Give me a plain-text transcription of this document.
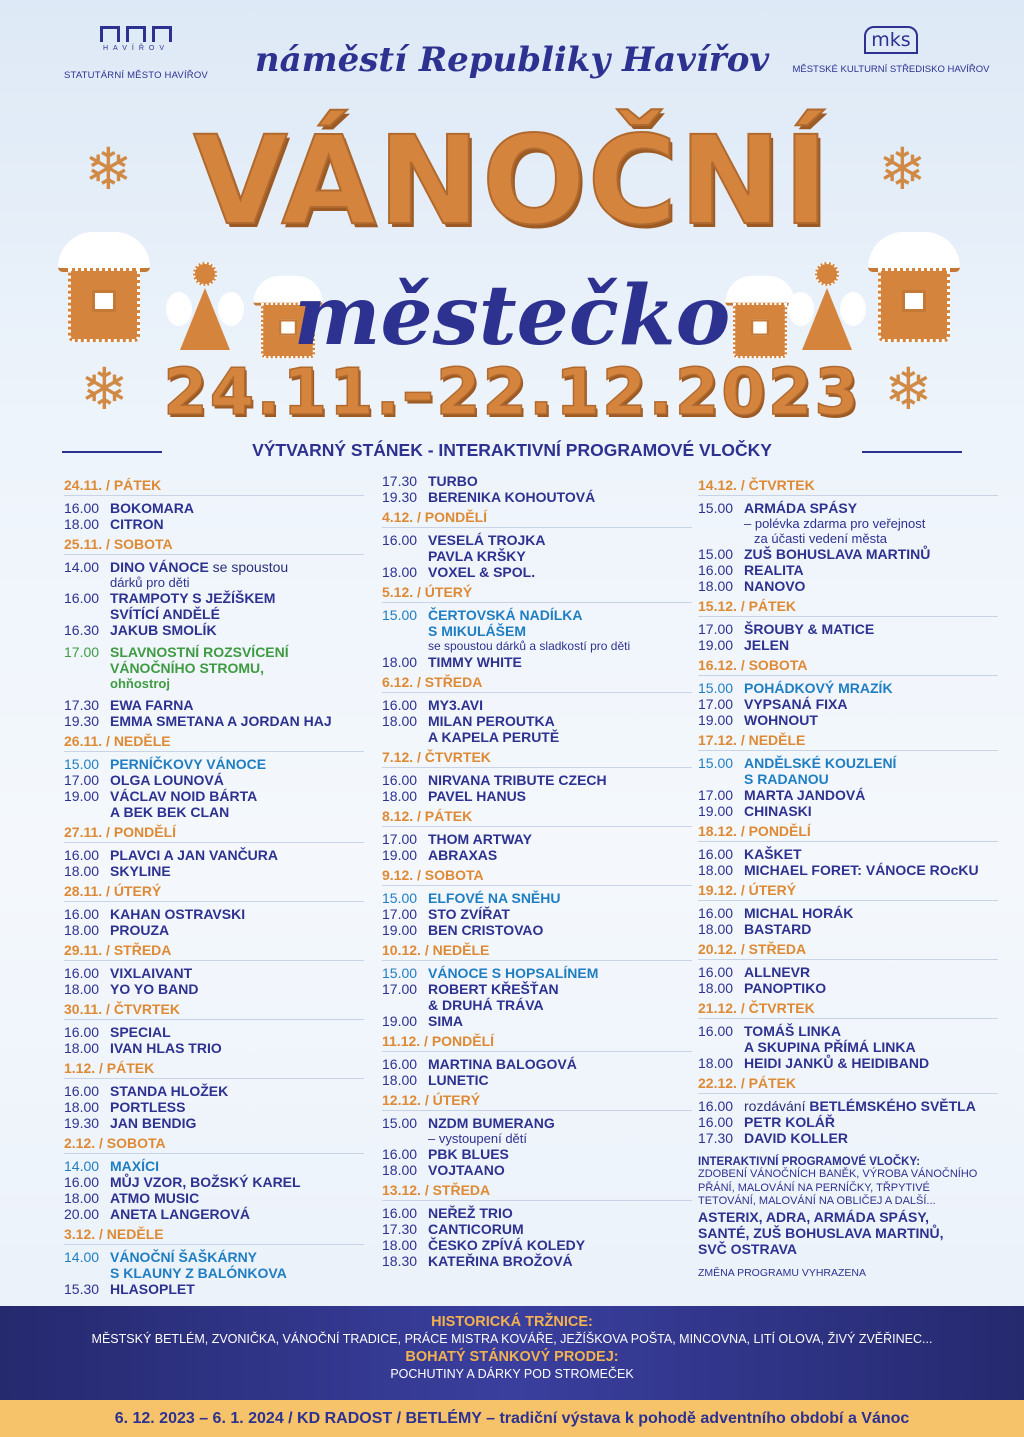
HAVÍŘOV
STATUTÁRNÍ MĚSTO HAVÍŘOV
mks
MĚSTSKÉ KULTURNÍ STŘEDISKO HAVÍŘOV
náměstí Republiky Havířov
❄	❄
❄	❄
VÁNOČNÍ
městečko
24.11.–22.12.2023
VÝTVARNÝ STÁNEK - INTERAKTIVNÍ PROGRAMOVÉ VLOČKY
24.11. / PÁTEK
16.00 BOKOMARA
18.00 CITRON
25.11. / SOBOTA
14.00 DINO VÁNOCE se spoustou
dárků pro děti
16.00 TRAMPOTY S JEŽÍŠKEM
SVÍTÍCÍ ANDĚLÉ
16.30 JAKUB SMOLÍK
17.00 SLAVNOSTNÍ ROZSVÍCENÍ
VÁNOČNÍHO STROMU,
ohňostroj
17.30 EWA FARNA
19.30 EMMA SMETANA A JORDAN HAJ
26.11. / NEDĚLE
15.00 PERNÍČKOVY VÁNOCE
17.00 OLGA LOUNOVÁ
19.00 VÁCLAV NOID BÁRTA
A BEK BEK CLAN
27.11. / PONDĚLÍ
16.00 PLAVCI A JAN VANČURA
18.00 SKYLINE
28.11. / ÚTERÝ
16.00 KAHAN OSTRAVSKI
18.00 PROUZA
29.11. / STŘEDA
16.00 VIXLAIVANT
18.00 YO YO BAND
30.11. / ČTVRTEK
16.00 SPECIAL
18.00 IVAN HLAS TRIO
1.12. / PÁTEK
16.00 STANDA HLOŽEK
18.00 PORTLESS
19.30 JAN BENDIG
2.12. / SOBOTA
14.00 MAXÍCI
16.00 MŮJ VZOR, BOŽSKÝ KAREL
18.00 ATMO MUSIC
20.00 ANETA LANGEROVÁ
3.12. / NEDĚLE
14.00 VÁNOČNÍ ŠAŠKÁRNY
S KLAUNY Z BALÓNKOVA
15.30 HLASOPLET
17.30 TURBO
19.30 BERENIKA KOHOUTOVÁ
4.12. / PONDĚLÍ
16.00 VESELÁ TROJKA
PAVLA KRŠKY
18.00 VOXEL & SPOL.
5.12. / ÚTERÝ
15.00 ČERTOVSKÁ NADÍLKA
S MIKULÁŠEM
se spoustou dárků a sladkostí pro děti
18.00 TIMMY WHITE
6.12. / STŘEDA
16.00 MY3.AVI
18.00 MILAN PEROUTKA
A KAPELA PERUTĚ
7.12. / ČTVRTEK
16.00 NIRVANA TRIBUTE CZECH
18.00 PAVEL HANUS
8.12. / PÁTEK
17.00 THOM ARTWAY
19.00 ABRAXAS
9.12. / SOBOTA
15.00 ELFOVÉ NA SNĚHU
17.00 STO ZVÍŘAT
19.00 BEN CRISTOVAO
10.12. / NEDĚLE
15.00 VÁNOCE S HOPSALÍNEM
17.00 ROBERT KŘEŠŤAN
& DRUHÁ TRÁVA
19.00 SIMA
11.12. / PONDĚLÍ
16.00 MARTINA BALOGOVÁ
18.00 LUNETIC
12.12. / ÚTERÝ
15.00 NZDM BUMERANG
– vystoupení dětí
16.00 PBK BLUES
18.00 VOJTAANO
13.12. / STŘEDA
16.00 NEŘEŽ TRIO
17.30 CANTICORUM
18.00 ČESKO ZPÍVÁ KOLEDY
18.30 KATEŘINA BROŽOVÁ
14.12. / ČTVRTEK
15.00 ARMÁDA SPÁSY
– polévka zdarma pro veřejnost
za účasti vedení města
15.00 ZUŠ BOHUSLAVA MARTINŮ
16.00 REALITA
18.00 NANOVO
15.12. / PÁTEK
17.00 ŠROUBY & MATICE
19.00 JELEN
16.12. / SOBOTA
15.00 POHÁDKOVÝ MRAZÍK
17.00 VYPSANÁ FIXA
19.00 WOHNOUT
17.12. / NEDĚLE
15.00 ANDĚLSKÉ KOUZLENÍ
S RADANOU
17.00 MARTA JANDOVÁ
19.00 CHINASKI
18.12. / PONDĚLÍ
16.00 KAŠKET
18.00 MICHAEL FORET: VÁNOCE ROcKU
19.12. / ÚTERÝ
16.00 MICHAL HORÁK
18.00 BASTARD
20.12. / STŘEDA
16.00 ALLNEVR
18.00 PANOPTIKO
21.12. / ČTVRTEK
16.00 TOMÁŠ LINKA
A SKUPINA PŘÍMÁ LINKA
18.00 HEIDI JANKŮ & HEIDIBAND
22.12. / PÁTEK
16.00 rozdávání BETLÉMSKÉHO SVĚTLA
16.00 PETR KOLÁŘ
17.30 DAVID KOLLER
INTERAKTIVNÍ PROGRAMOVÉ VLOČKY:
ZDOBENÍ VÁNOČNÍCH BANĚK, VÝROBA VÁNOČNÍHO
PŘÁNÍ, MALOVÁNÍ NA PERNÍČKY, TŘPYTIVÉ
TETOVÁNÍ, MALOVÁNÍ NA OBLIČEJ A DALŠÍ...
ASTERIX, ADRA, ARMÁDA SPÁSY,
SANTÉ, ZUŠ BOHUSLAVA MARTINŮ,
SVČ OSTRAVA
ZMĚNA PROGRAMU VYHRAZENA
HISTORICKÁ TRŽNICE:
MĚSTSKÝ BETLÉM, ZVONIČKA, VÁNOČNÍ TRADICE, PRÁCE MISTRA KOVÁŘE, JEŽÍŠKOVA POŠTA, MINCOVNA, LITÍ OLOVA, ŽIVÝ ZVĚŘINEC...
BOHATÝ STÁNKOVÝ PRODEJ:
POCHUTINY A DÁRKY POD STROMEČEK
6. 12. 2023 – 6. 1. 2024 / KD RADOST / BETLÉMY – tradiční výstava k pohodě adventního období a Vánoc
